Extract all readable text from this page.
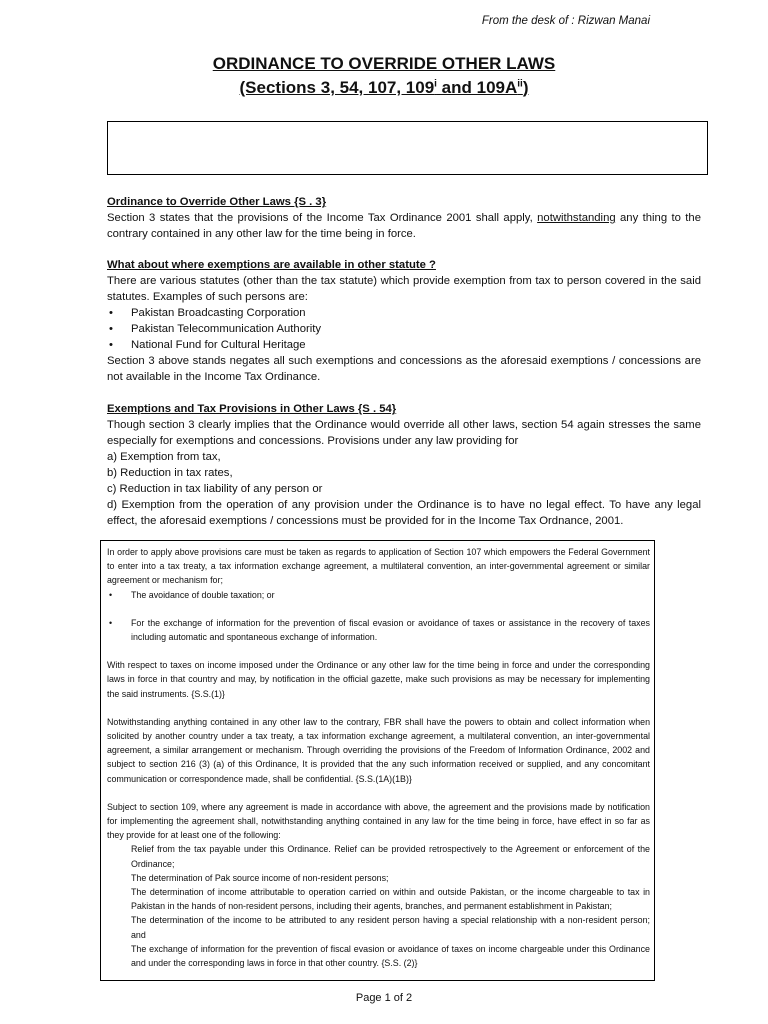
From the desk of : Rizwan Manai
ORDINANCE TO OVERRIDE OTHER LAWS
(Sections 3, 54, 107, 109$^i$ and $109A^{ii}$)
Ordinance to Override Other Laws {S . 3}
Section 3 states that the provisions of the Income Tax Ordinance 2001 shall apply, notwithstanding any thing to the contrary contained in any other law for the time being in force.
What about where exemptions are available in other statute ?
There are various statutes (other than the tax statute) which provide exemption from tax to person covered in the said statutes. Examples of such persons are:
• Pakistan Broadcasting Corporation
• Pakistan Telecommunication Authority
• National Fund for Cultural Heritage
Section 3 above stands negates all such exemptions and concessions as the aforesaid exemptions / concessions are not available in the Income Tax Ordinance.
Exemptions and Tax Provisions in Other Laws {S . 54}
Though section 3 clearly implies that the Ordinance would override all other laws, section 54 again stresses the same especially for exemptions and concessions. Provisions under any law providing for
a) Exemption from tax,
b) Reduction in tax rates,
c) Reduction in tax liability of any person or
d) Exemption from the operation of any provision under the Ordinance is to have no legal effect. To have any legal effect, the aforesaid exemptions / concessions must be provided for in the Income Tax Ordnance, 2001.
In order to apply above provisions care must be taken as regards to application of Section 107 which empowers the Federal Government to enter into a tax treaty, a tax information exchange agreement, a multilateral convention, an inter-governmental agreement or similar agreement or mechanism for;
• The avoidance of double taxation; or
• For the exchange of information for the prevention of fiscal evasion or avoidance of taxes or assistance in the recovery of taxes including automatic and spontaneous exchange of information.
With respect to taxes on income imposed under the Ordinance or any other law for the time being in force and under the corresponding laws in force in that country and may, by notification in the official gazette, make such provisions as may be necessary for implementing the said instruments. {S.S.(1)}
Notwithstanding anything contained in any other law to the contrary, FBR shall have the powers to obtain and collect information when solicited by another country under a tax treaty, a tax information exchange agreement, a multilateral convention, an inter-governmental agreement, a similar arrangement or mechanism. Through overriding the provisions of the Freedom of Information Ordinance, 2002 and subject to section 216 (3) (a) of this Ordinance, It is provided that the any such information received or supplied, and any concomitant communication or correspondence made, shall be confidential. {S.S.(1A)(1B)}
Subject to section 109, where any agreement is made in accordance with above, the agreement and the provisions made by notification for implementing the agreement shall, notwithstanding anything contained in any law for the time being in force, have effect in so far as they provide for at least one of the following:
Relief from the tax payable under this Ordinance. Relief can be provided retrospectively to the Agreement or enforcement of the Ordinance;
The determination of Pak source income of non-resident persons;
The determination of income attributable to operation carried on within and outside Pakistan, or the income chargeable to tax in Pakistan in the hands of non-resident persons, including their agents, branches, and permanent establishment in Pakistan;
The determination of the income to be attributed to any resident person having a special relationship with a non-resident person; and
The exchange of information for the prevention of fiscal evasion or avoidance of taxes on income chargeable under this Ordinance and under the corresponding laws in force in that other country. {S.S. (2)}
Page 1 of 2
